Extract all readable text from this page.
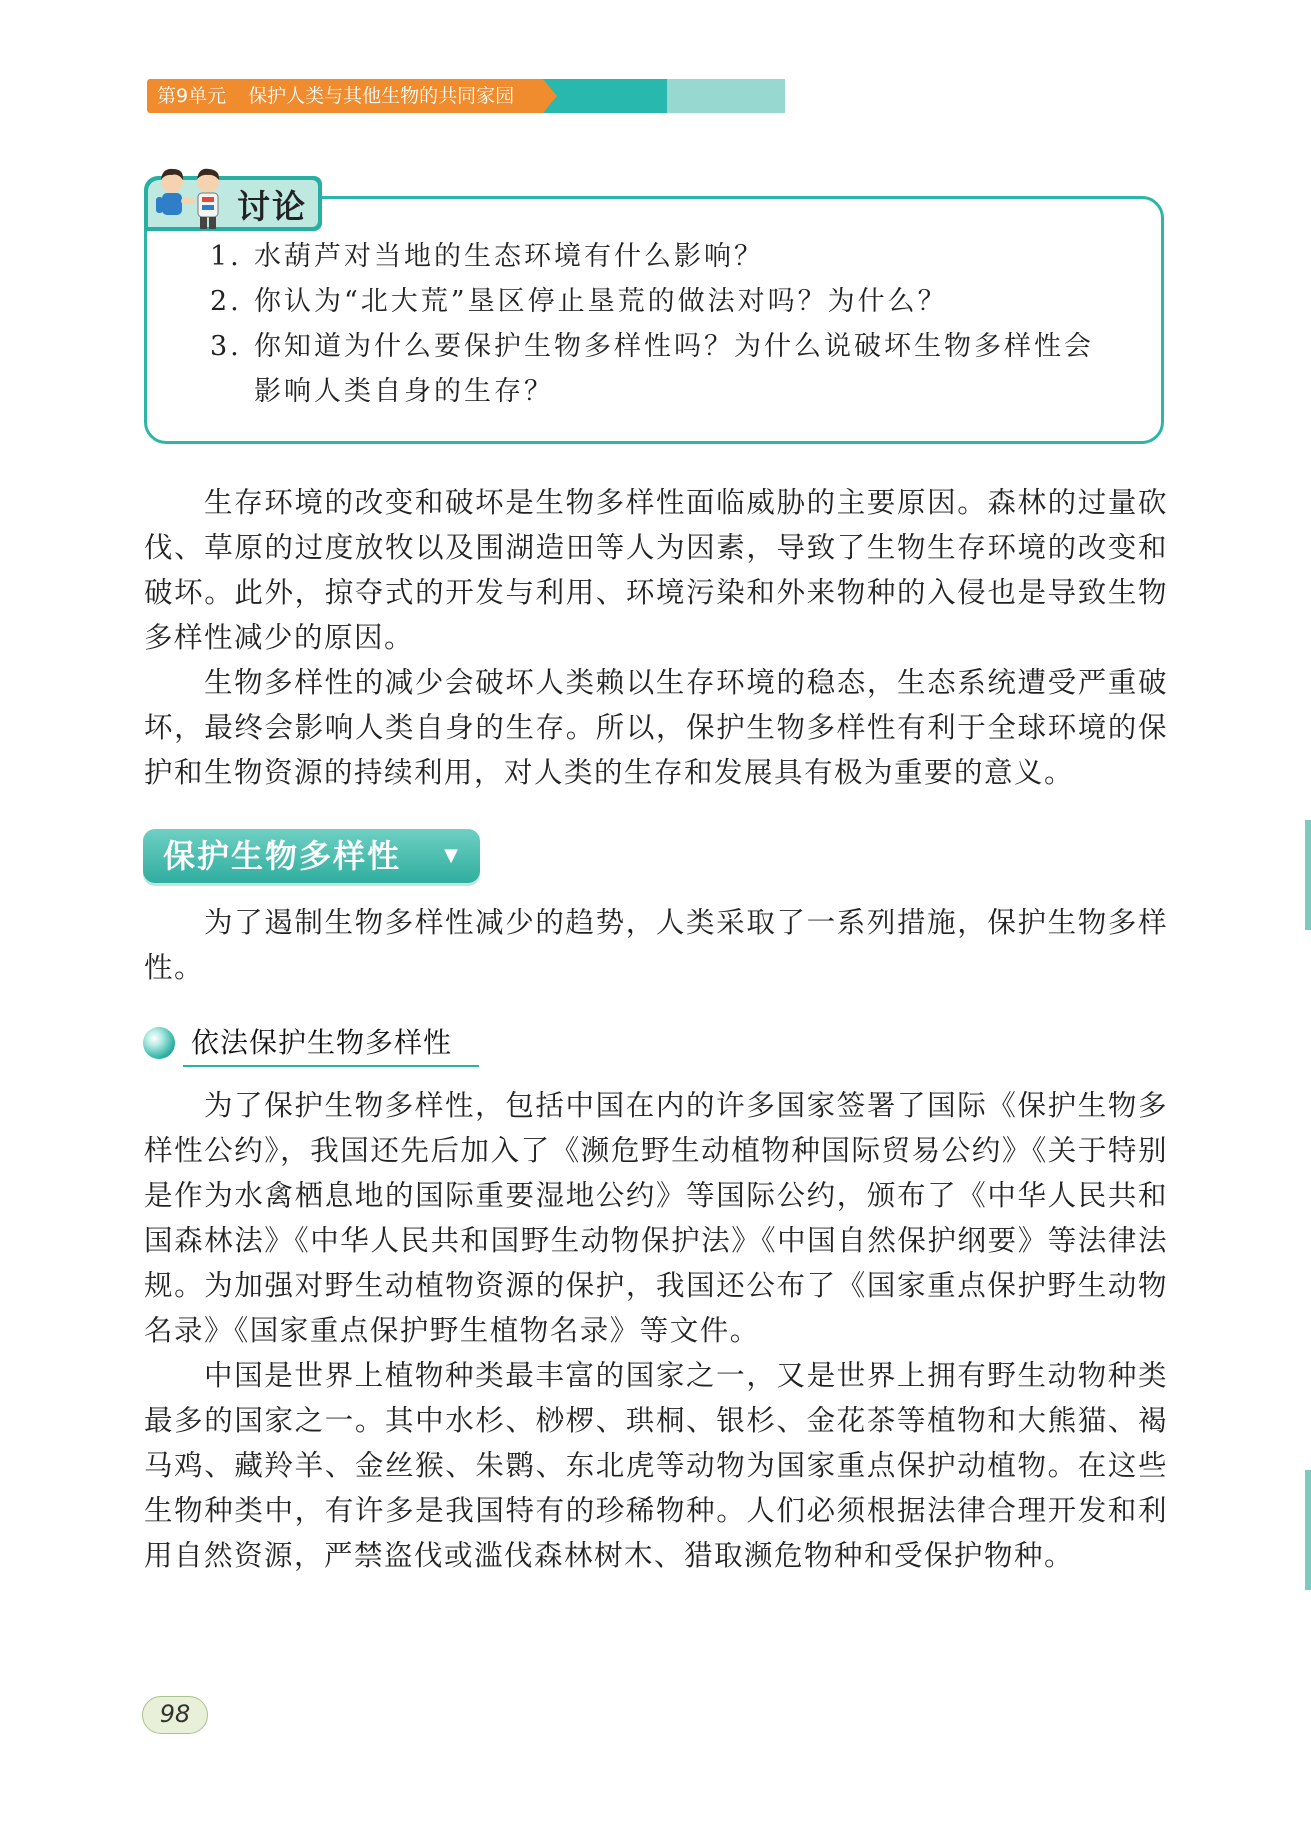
第9单元 保护人类与其他生物的共同家园
讨论
1. 水葫芦对当地的生态环境有什么影响？
2. 你认为“北大荒”垦区停止垦荒的做法对吗？为什么？
3. 你知道为什么要保护生物多样性吗？为什么说破坏生物多样性会影响人类自身的生存？

生存环境的改变和破坏是生物多样性面临威胁的主要原因。森林的过量砍伐、草原的过度放牧以及围湖造田等人为因素，导致了生物生存环境的改变和破坏。此外，掠夺式的开发与利用、环境污染和外来物种的入侵也是导致生物多样性减少的原因。

生物多样性的减少会破坏人类赖以生存环境的稳态，生态系统遭受严重破坏，最终会影响人类自身的生存。所以，保护生物多样性有利于全球环境的保护和生物资源的持续利用，对人类的生存和发展具有极为重要的意义。

保护生物多样性 ▼

为了遏制生物多样性减少的趋势，人类采取了一系列措施，保护生物多样性。

依法保护生物多样性

为了保护生物多样性，包括中国在内的许多国家签署了国际《保护生物多样性公约》，我国还先后加入了《濒危野生动植物种国际贸易公约》《关于特别是作为水禽栖息地的国际重要湿地公约》等国际公约，颁布了《中华人民共和国森林法》《中华人民共和国野生动物保护法》《中国自然保护纲要》等法律法规。为加强对野生动植物资源的保护，我国还公布了《国家重点保护野生动物名录》《国家重点保护野生植物名录》等文件。

中国是世界上植物种类最丰富的国家之一，又是世界上拥有野生动物种类最多的国家之一。其中水杉、桫椤、珙桐、银杉、金花茶等植物和大熊猫、褐马鸡、藏羚羊、金丝猴、朱鹮、东北虎等动物为国家重点保护动植物。在这些生物种类中，有许多是我国特有的珍稀物种。人们必须根据法律合理开发和利用自然资源，严禁盗伐或滥伐森林树木、猎取濒危物种和受保护物种。

98
